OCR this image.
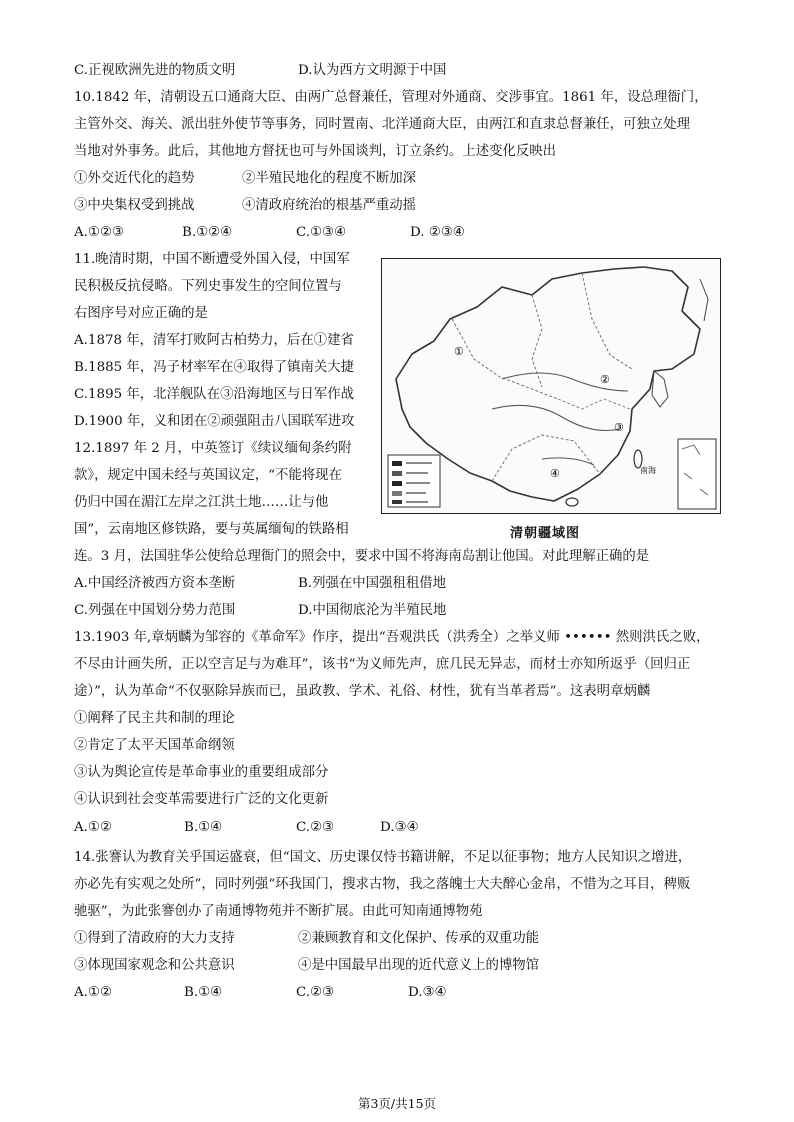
C.正视欧洲先进的物质文明	D.认为西方文明源于中国
10.1842 年，清朝设五口通商大臣、由两广总督兼任，管理对外通商、交涉事宜。1861 年，设总理衙门，
主管外交、海关、派出驻外使节等事务，同时置南、北洋通商大臣，由两江和直隶总督兼任，可独立处理
当地对外事务。此后，其他地方督抚也可与外国谈判，订立条约。上述变化反映出
①外交近代化的趋势	②半殖民地化的程度不断加深
③中央集权受到挑战	④清政府统治的根基严重动摇
A.①②③	B.①②④	C.①③④	D. ②③④
11.晚清时期，中国不断遭受外国入侵，中国军
民积极反抗侵略。下列史事发生的空间位置与
右图序号对应正确的是
A.1878 年，清军打败阿古柏势力，后在①建省
B.1885 年，冯子材率军在④取得了镇南关大捷
C.1895 年，北洋舰队在③沿海地区与日军作战
D.1900 年，义和团在②顽强阻击八国联军进攻
①
②
③
④	南海
清朝疆域图
12.1897 年 2 月，中英签订《续议缅甸条约附
款》，规定中国未经与英国议定，“不能将现在
仍归中国在湄江左岸之江洪土地……让与他
国”，云南地区修铁路，要与英属缅甸的铁路相
连。3 月，法国驻华公使给总理衙门的照会中，要求中国不将海南岛割让他国。对此理解正确的是
A.中国经济被西方资本垄断	B.列强在中国强租租借地
C.列强在中国划分势力范围	D.中国彻底沦为半殖民地
13.1903 年,章炳麟为邹容的《革命军》作序，提出“吾观洪氏（洪秀全）之举义师 •••••• 然则洪氏之败，
不尽由计画失所，正以空言足与为难耳”，该书“为义师先声，庶几民无异志，而材士亦知所返乎（回归正
途）”，认为革命“不仅驱除异族而已，虽政教、学术、礼俗、材性，犹有当革者焉”。这表明章炳麟
①阐释了民主共和制的理论
②肯定了太平天国革命纲领
③认为舆论宣传是革命事业的重要组成部分
④认识到社会变革需要进行广泛的文化更新
A.①②	B.①④	C.②③	D.③④
14.张謇认为教育关乎国运盛衰，但“国文、历史课仅恃书籍讲解，不足以征事物；地方人民知识之增进，
亦必先有实观之处所”，同时列强“环我国门，搜求古物，我之落魄士大夫醉心金帛，不惜为之耳目，稗贩
驰驱”，为此张謇创办了南通博物苑并不断扩展。由此可知南通博物苑
①得到了清政府的大力支持	②兼顾教育和文化保护、传承的双重功能
③体现国家观念和公共意识	④是中国最早出现的近代意义上的博物馆
A.①②	B.①④	C.②③	D.③④
第3页/共15页
